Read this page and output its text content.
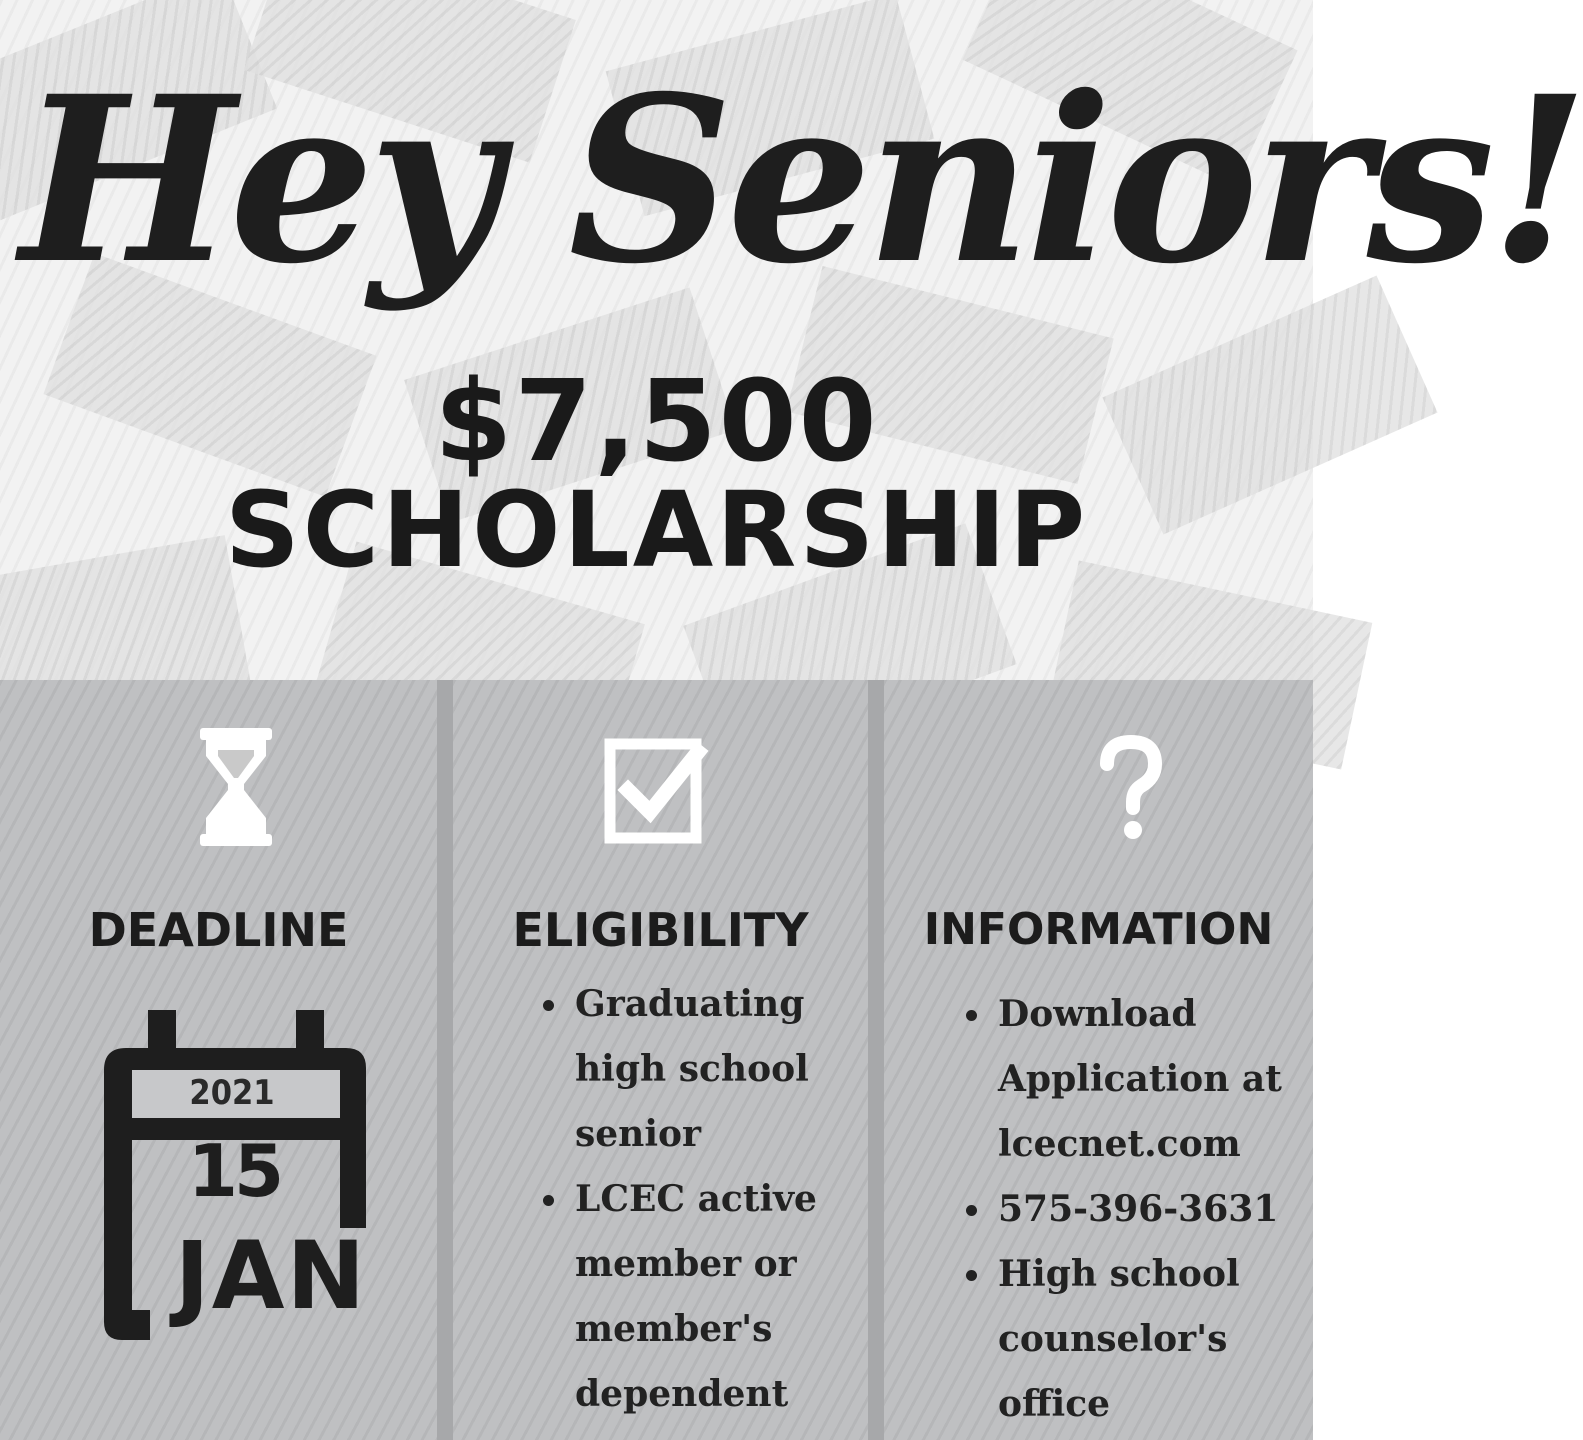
Hey Seniors!
$7,500
SCHOLARSHIP
DEADLINE
2021
15
JAN
ELIGIBILITY
Graduating high school senior
LCEC active member or member's dependent
INFORMATION
Download Application at lcecnet.com
575-396-3631
High school counselor's office
